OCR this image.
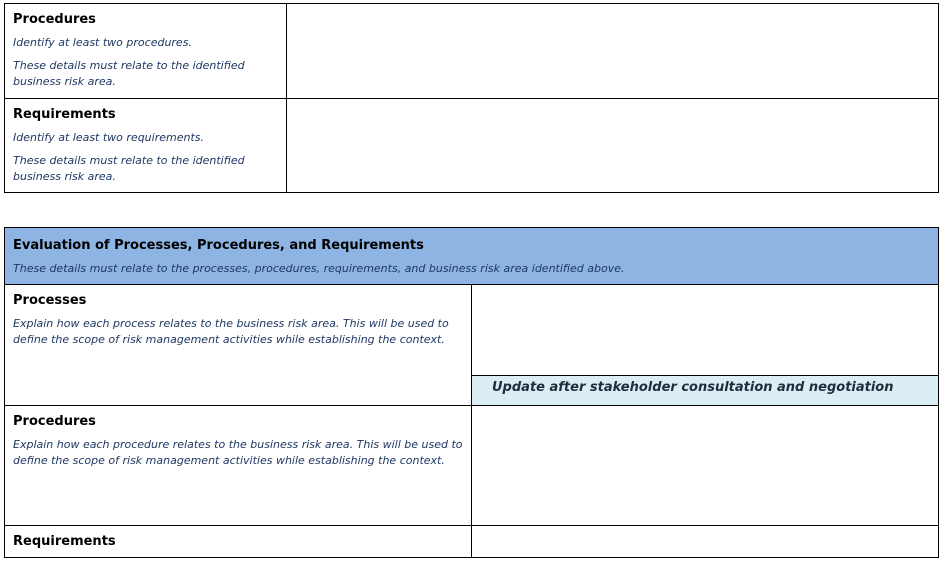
Procedures
Identify at least two procedures.
These details must relate to the identified business risk area.	

Requirements
Identify at least two requirements.
These details must relate to the identified business risk area.	

Evaluation of Processes, Procedures, and Requirements
These details must relate to the processes, procedures, requirements, and business risk area identified above.	

Processes
Explain how each process relates to the business risk area. This will be used to define the scope of risk management activities while establishing the context.	

	Update after stakeholder consultation and negotiation

Procedures
Explain how each procedure relates to the business risk area. This will be used to define the scope of risk management activities while establishing the context.	

Requirements	
